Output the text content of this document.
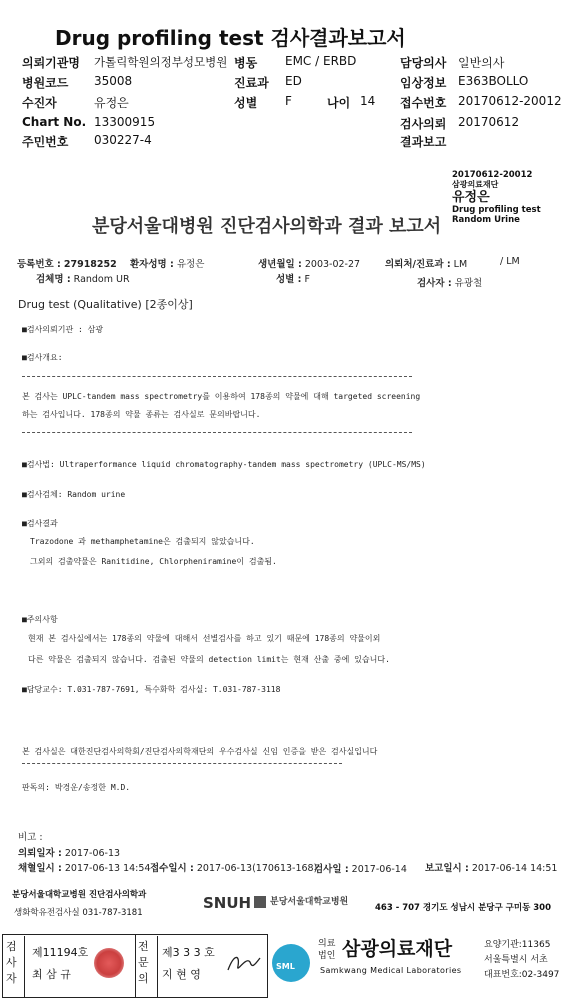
Drug profiling test 검사결과보고서
의뢰기관명 가톨릭학원의정부성모병원 병동 EMC / ERBD	담당의사 일반의사
병원코드 35008	진료과 ED	임상정보 E363BOLLO
수진자	유정은	성별 F	나이 14 접수번호 20170612-20012
Chart No. 13300915	검사의뢰 20170612
주민번호 030227-4	결과보고
20170612-20012
삼광의료재단
유정은
Drug profiling test
Random Urine
분당서울대병원 진단검사의학과 결과 보고서
등록번호 : 27918252 환자성명 : 유정은	생년월일 : 2003-02-27	의뢰처/진료과 : LM	/ LM
검체명 : Random UR	성별 : F	검사자 : 유광철
Drug test (Qualitative) [2종이상]
■검사의뢰기관 : 삼광
■검사개요:
본 검사는 UPLC-tandem mass spectrometry를 이용하여 178종의 약물에 대해 targeted screening
하는 검사입니다. 178종의 약물 종류는 검사실로 문의바랍니다.
■검사법: Ultraperformance liquid chromatography-tandem mass spectrometry (UPLC-MS/MS)
■검사검체: Random urine
■검사결과
Trazodone 과 methamphetamine은 검출되지 않았습니다.
그외의 검출약물은 Ranitidine, Chlorpheniramine이 검출됨.
■주의사항
현재 본 검사실에서는 178종의 약물에 대해서 선별검사를 하고 있기 때문에 178종의 약물이외
다른 약물은 검출되지 않습니다. 검출된 약물의 detection limit는 현재 산출 중에 있습니다.
■담당교수: T.031-787-7691, 특수화학 검사실: T.031-787-3118
본 검사실은 대한진단검사의학회/진단검사의학재단의 우수검사실 신임 인증을 받은 검사실입니다
판독의: 박경운/송정한 M.D.
비고 :
의뢰일자 : 2017-06-13
채혈일시 : 2017-06-13 14:54 접수일시 : 2017-06-13(170613-168)
검사일 : 2017-06-14 보고일시 : 2017-06-14 14:51
분당서울대학교병원 진단검사의학과
생화학유전검사실 031-787-3181
SNUH 분당서울대학교병원
463 - 707 경기도 성남시 분당구 구미동 300
검사자
제11194호
최 삼 규
전문의
제3 3 3 호
지 현 영
SML
의료
법인 삼광의료재단
Samkwang Medical Laboratories
요양기관:11365
서울특별시 서초
대표번호:02-3497
